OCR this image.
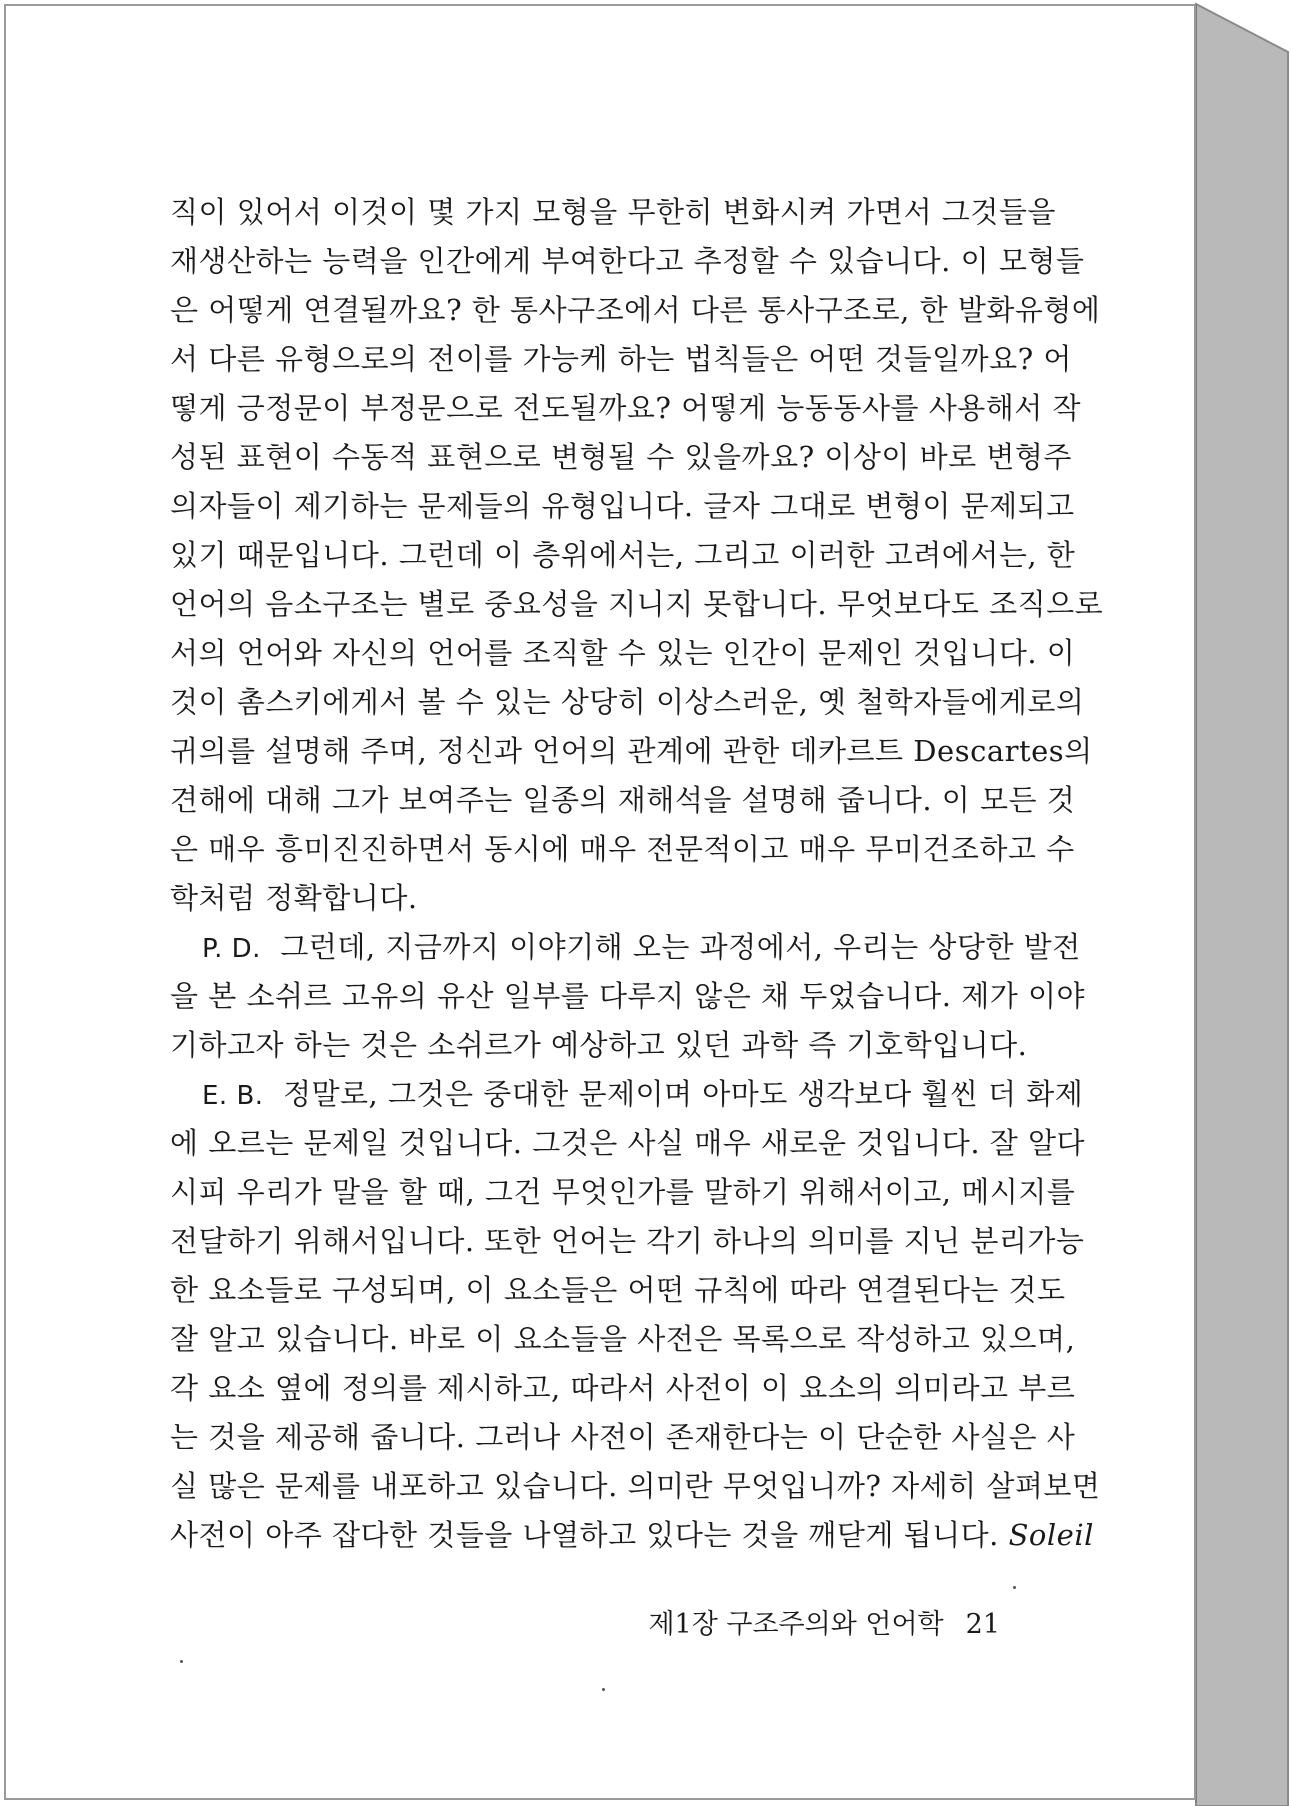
직이 있어서 이것이 몇 가지 모형을 무한히 변화시켜 가면서 그것들을
재생산하는 능력을 인간에게 부여한다고 추정할 수 있습니다. 이 모형들
은 어떻게 연결될까요? 한 통사구조에서 다른 통사구조로, 한 발화유형에
서 다른 유형으로의 전이를 가능케 하는 법칙들은 어떤 것들일까요? 어
떻게 긍정문이 부정문으로 전도될까요? 어떻게 능동동사를 사용해서 작
성된 표현이 수동적 표현으로 변형될 수 있을까요? 이상이 바로 변형주
의자들이 제기하는 문제들의 유형입니다. 글자 그대로 변형이 문제되고
있기 때문입니다. 그런데 이 층위에서는, 그리고 이러한 고려에서는, 한
언어의 음소구조는 별로 중요성을 지니지 못합니다. 무엇보다도 조직으로
서의 언어와 자신의 언어를 조직할 수 있는 인간이 문제인 것입니다. 이
것이 촘스키에게서 볼 수 있는 상당히 이상스러운, 옛 철학자들에게로의
귀의를 설명해 주며, 정신과 언어의 관계에 관한 데카르트 Descartes의
견해에 대해 그가 보여주는 일종의 재해석을 설명해 줍니다. 이 모든 것
은 매우 흥미진진하면서 동시에 매우 전문적이고 매우 무미건조하고 수
학처럼 정확합니다.
P. D. 그런데, 지금까지 이야기해 오는 과정에서, 우리는 상당한 발전
을 본 소쉬르 고유의 유산 일부를 다루지 않은 채 두었습니다. 제가 이야
기하고자 하는 것은 소쉬르가 예상하고 있던 과학 즉 기호학입니다.
E. B. 정말로, 그것은 중대한 문제이며 아마도 생각보다 훨씬 더 화제
에 오르는 문제일 것입니다. 그것은 사실 매우 새로운 것입니다. 잘 알다
시피 우리가 말을 할 때, 그건 무엇인가를 말하기 위해서이고, 메시지를
전달하기 위해서입니다. 또한 언어는 각기 하나의 의미를 지닌 분리가능
한 요소들로 구성되며, 이 요소들은 어떤 규칙에 따라 연결된다는 것도
잘 알고 있습니다. 바로 이 요소들을 사전은 목록으로 작성하고 있으며,
각 요소 옆에 정의를 제시하고, 따라서 사전이 이 요소의 의미라고 부르
는 것을 제공해 줍니다. 그러나 사전이 존재한다는 이 단순한 사실은 사
실 많은 문제를 내포하고 있습니다. 의미란 무엇입니까? 자세히 살펴보면
사전이 아주 잡다한 것들을 나열하고 있다는 것을 깨닫게 됩니다. Soleil
제1장 구조주의와 언어학 21
